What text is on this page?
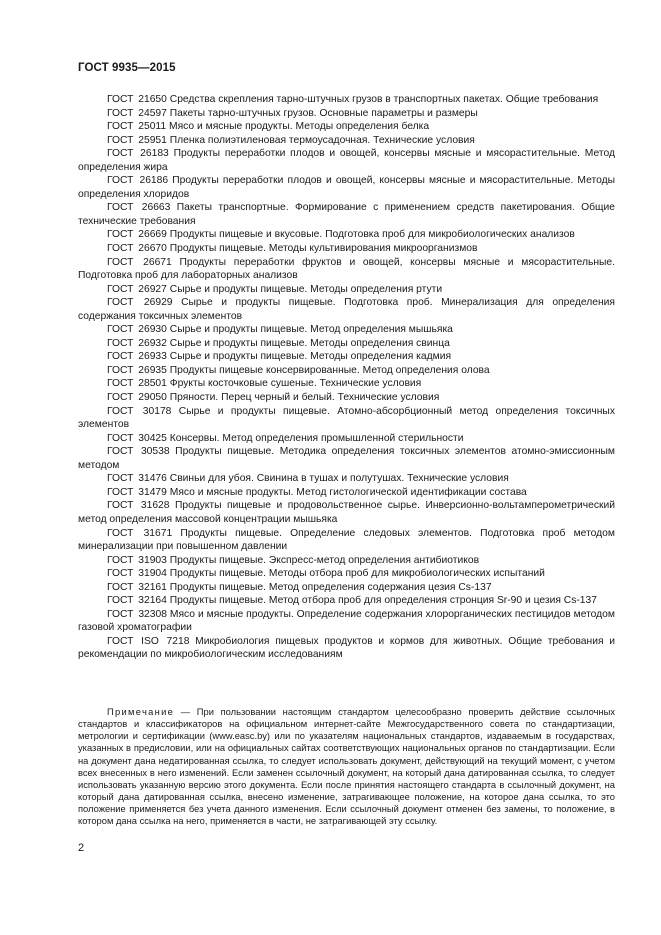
ГОСТ 9935—2015
ГОСТ 21650 Средства скрепления тарно-штучных грузов в транспортных пакетах. Общие требования
ГОСТ 24597 Пакеты тарно-штучных грузов. Основные параметры и размеры
ГОСТ 25011 Мясо и мясные продукты. Методы определения белка
ГОСТ 25951 Пленка полиэтиленовая термоусадочная. Технические условия
ГОСТ 26183 Продукты переработки плодов и овощей, консервы мясные и мясорастительные. Метод определения жира
ГОСТ 26186 Продукты переработки плодов и овощей, консервы мясные и мясорастительные. Методы определения хлоридов
ГОСТ 26663 Пакеты транспортные. Формирование с применением средств пакетирования. Общие технические требования
ГОСТ 26669 Продукты пищевые и вкусовые. Подготовка проб для микробиологических анализов
ГОСТ 26670 Продукты пищевые. Методы культивирования микроорганизмов
ГОСТ 26671 Продукты переработки фруктов и овощей, консервы мясные и мясорастительные. Подготовка проб для лабораторных анализов
ГОСТ 26927 Сырье и продукты пищевые. Методы определения ртути
ГОСТ 26929 Сырье и продукты пищевые. Подготовка проб. Минерализация для определения содержания токсичных элементов
ГОСТ 26930 Сырье и продукты пищевые. Метод определения мышьяка
ГОСТ 26932 Сырье и продукты пищевые. Методы определения свинца
ГОСТ 26933 Сырье и продукты пищевые. Методы определения кадмия
ГОСТ 26935 Продукты пищевые консервированные. Метод определения олова
ГОСТ 28501 Фрукты косточковые сушеные. Технические условия
ГОСТ 29050 Пряности. Перец черный и белый. Технические условия
ГОСТ 30178 Сырье и продукты пищевые. Атомно-абсорбционный метод определения токсичных элементов
ГОСТ 30425 Консервы. Метод определения промышленной стерильности
ГОСТ 30538 Продукты пищевые. Методика определения токсичных элементов атомно-эмиссионным методом
ГОСТ 31476 Свиньи для убоя. Свинина в тушах и полутушах. Технические условия
ГОСТ 31479 Мясо и мясные продукты. Метод гистологической идентификации состава
ГОСТ 31628 Продукты пищевые и продовольственное сырье. Инверсионно-вольтамперометрический метод определения массовой концентрации мышьяка
ГОСТ 31671 Продукты пищевые. Определение следовых элементов. Подготовка проб методом минерализации при повышенном давлении
ГОСТ 31903 Продукты пищевые. Экспресс-метод определения антибиотиков
ГОСТ 31904 Продукты пищевые. Методы отбора проб для микробиологических испытаний
ГОСТ 32161 Продукты пищевые. Метод определения содержания цезия Cs-137
ГОСТ 32164 Продукты пищевые. Метод отбора проб для определения стронция Sr-90 и цезия Cs-137
ГОСТ 32308 Мясо и мясные продукты. Определение содержания хлорорганических пестицидов методом газовой хроматографии
ГОСТ ISO 7218 Микробиология пищевых продуктов и кормов для животных. Общие требования и рекомендации по микробиологическим исследованиям
Примечание — При пользовании настоящим стандартом целесообразно проверить действие ссылочных стандартов и классификаторов на официальном интернет-сайте Межгосударственного совета по стандартизации, метрологии и сертификации (www.easc.by) или по указателям национальных стандартов, издаваемым в государствах, указанных в предисловии, или на официальных сайтах соответствующих национальных органов по стандартизации. Если на документ дана недатированная ссылка, то следует использовать документ, действующий на текущий момент, с учетом всех внесенных в него изменений. Если заменен ссылочный документ, на который дана датированная ссылка, то следует использовать указанную версию этого документа. Если после принятия настоящего стандарта в ссылочный документ, на который дана датированная ссылка, внесено изменение, затрагивающее положение, на которое дана ссылка, то это положение применяется без учета данного изменения. Если ссылочный документ отменен без замены, то положение, в котором дана ссылка на него, применяется в части, не затрагивающей эту ссылку.
2
